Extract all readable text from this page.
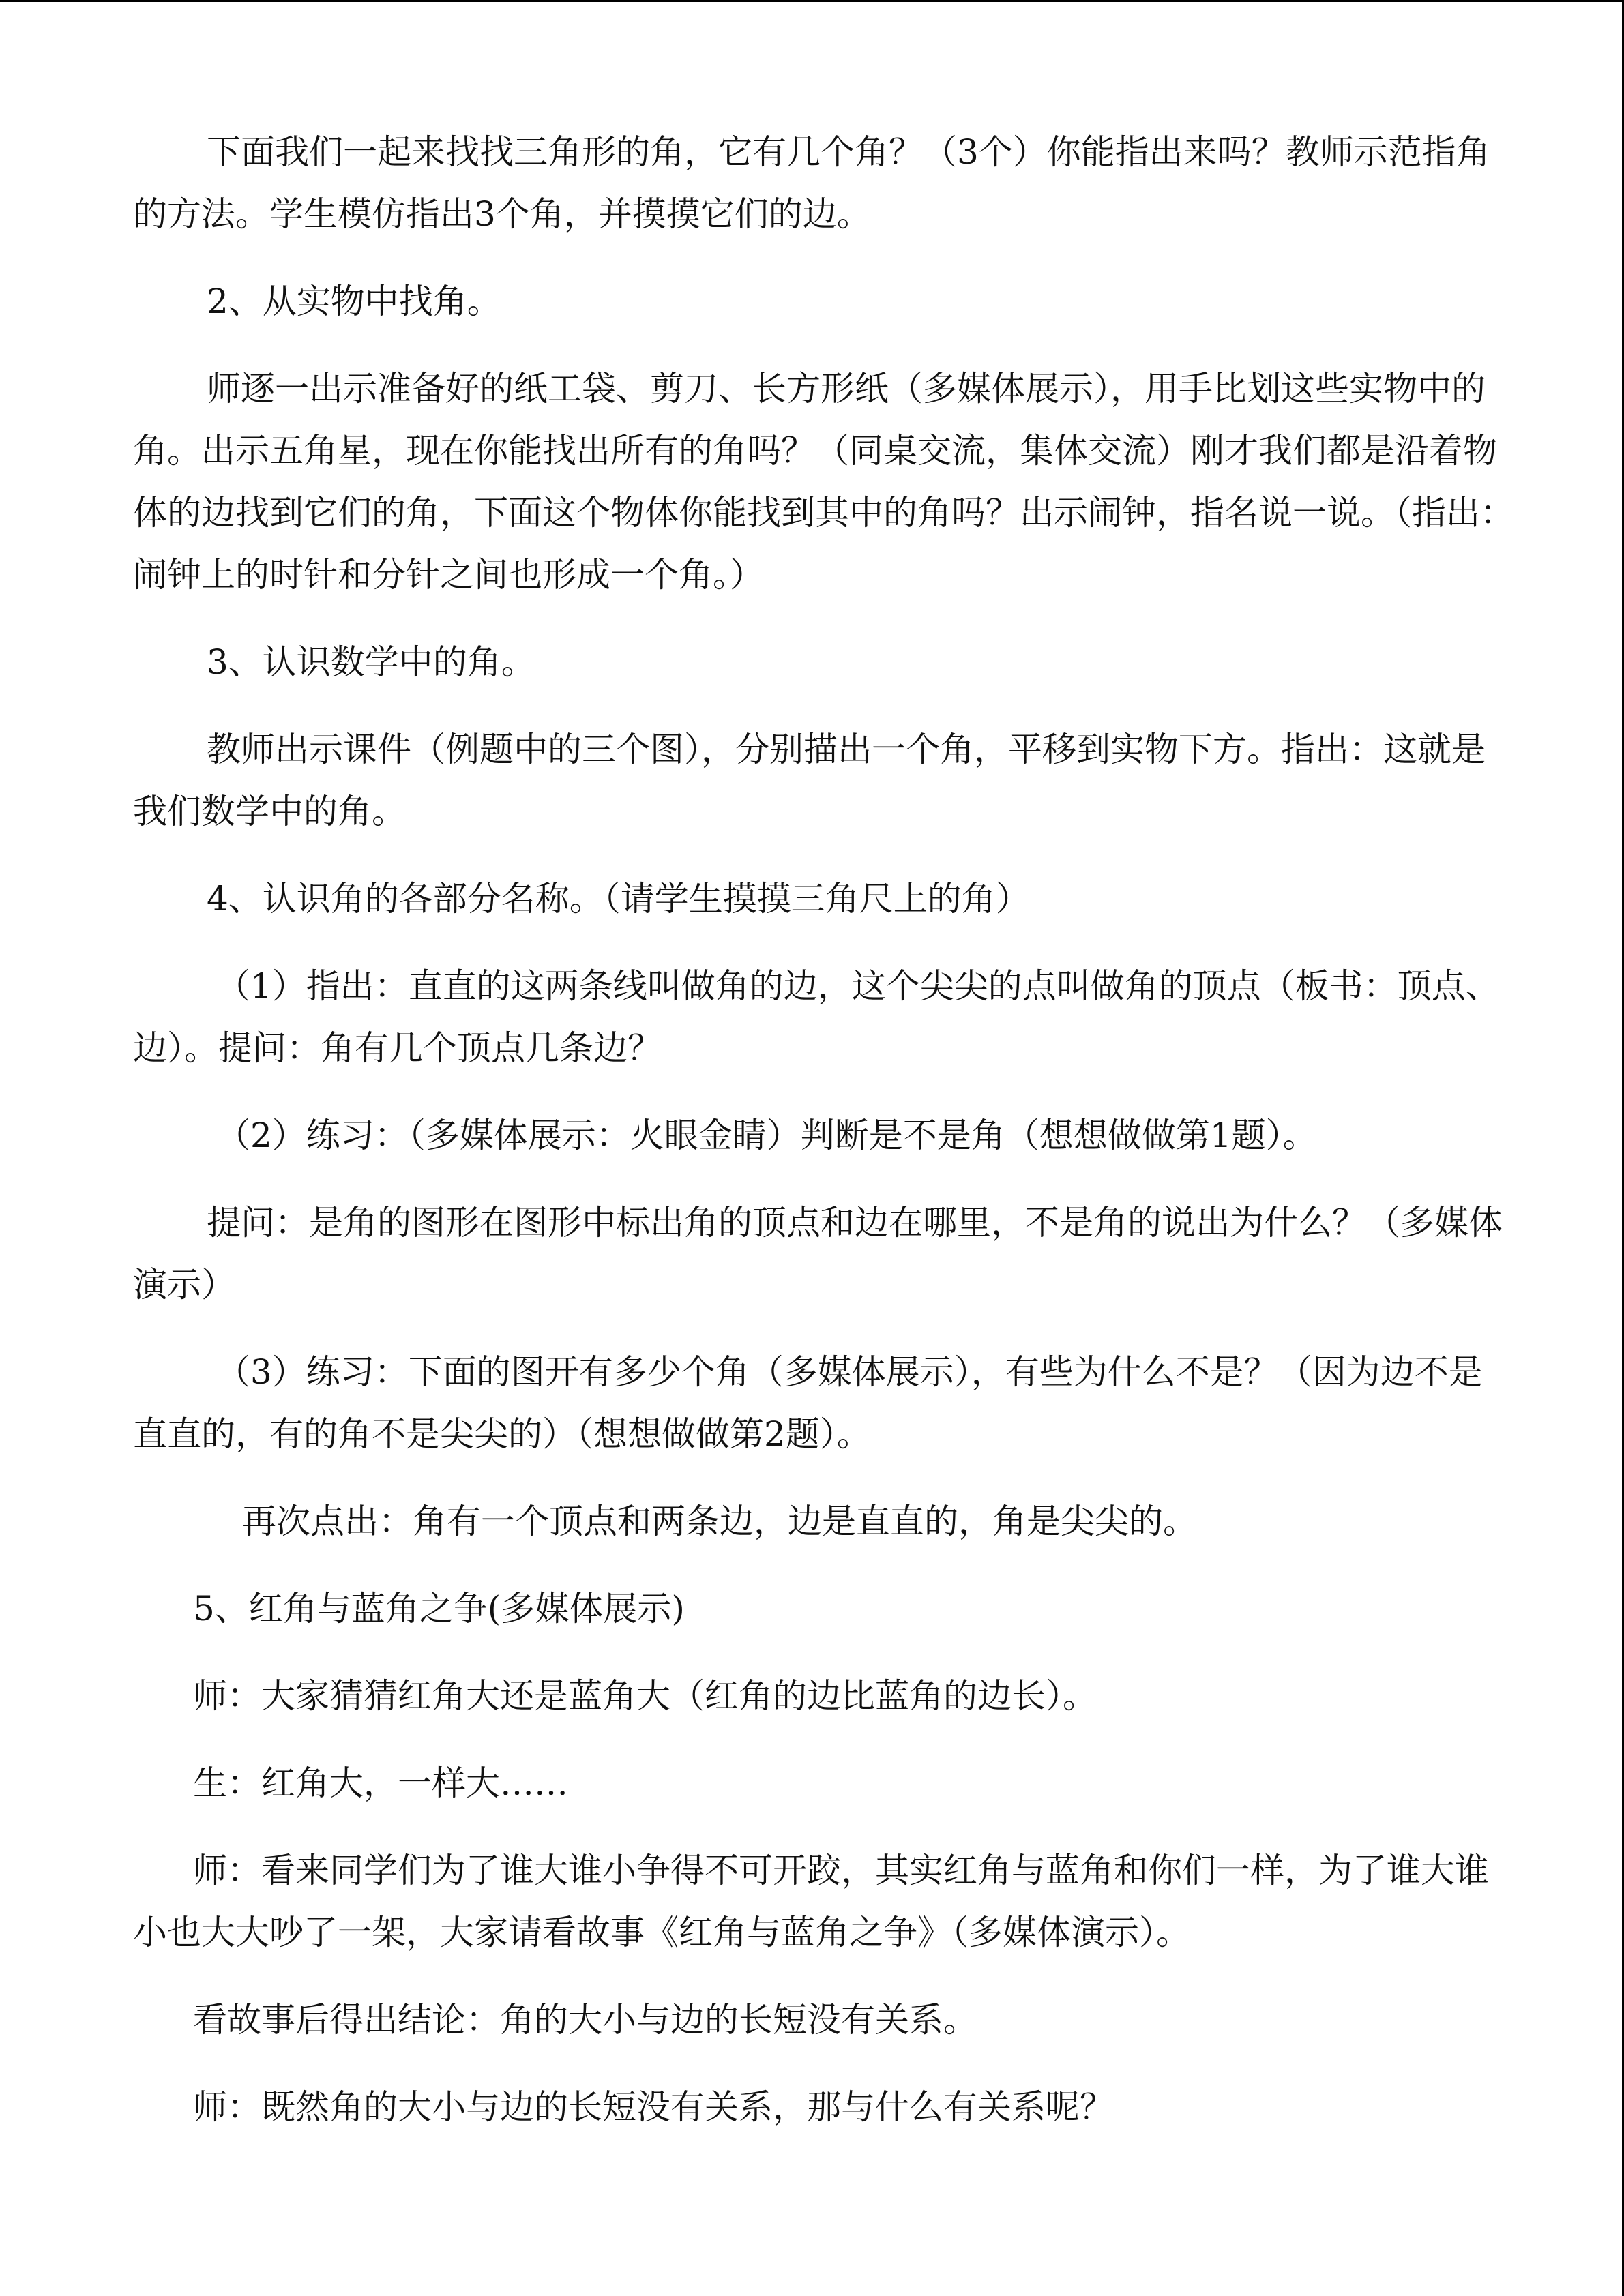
下面我们一起来找找三角形的角，它有几个角？（3个）你能指出来吗？教师示范指角的方法。学生模仿指出3个角，并摸摸它们的边。

2、从实物中找角。

师逐一出示准备好的纸工袋、剪刀、长方形纸（多媒体展示），用手比划这些实物中的角。出示五角星，现在你能找出所有的角吗？（同桌交流，集体交流）刚才我们都是沿着物体的边找到它们的角，下面这个物体你能找到其中的角吗？出示闹钟，指名说一说。（指出：闹钟上的时针和分针之间也形成一个角。）

3、认识数学中的角。

教师出示课件（例题中的三个图），分别描出一个角，平移到实物下方。指出：这就是我们数学中的角。

4、认识角的各部分名称。（请学生摸摸三角尺上的角）

（1）指出：直直的这两条线叫做角的边，这个尖尖的点叫做角的顶点（板书：顶点、边）。提问：角有几个顶点几条边？

（2）练习：（多媒体展示：火眼金睛）判断是不是角（想想做做第1题）。

提问：是角的图形在图形中标出角的顶点和边在哪里，不是角的说出为什么？（多媒体演示）

（3）练习：下面的图开有多少个角（多媒体展示），有些为什么不是？（因为边不是直直的，有的角不是尖尖的）（想想做做第2题）。

再次点出：角有一个顶点和两条边，边是直直的，角是尖尖的。

5、红角与蓝角之争(多媒体展示)

师：大家猜猜红角大还是蓝角大（红角的边比蓝角的边长）。

生：红角大，一样大……

师：看来同学们为了谁大谁小争得不可开跤，其实红角与蓝角和你们一样，为了谁大谁小也大大吵了一架，大家请看故事《红角与蓝角之争》（多媒体演示）。

看故事后得出结论：角的大小与边的长短没有关系。

师：既然角的大小与边的长短没有关系，那与什么有关系呢？
